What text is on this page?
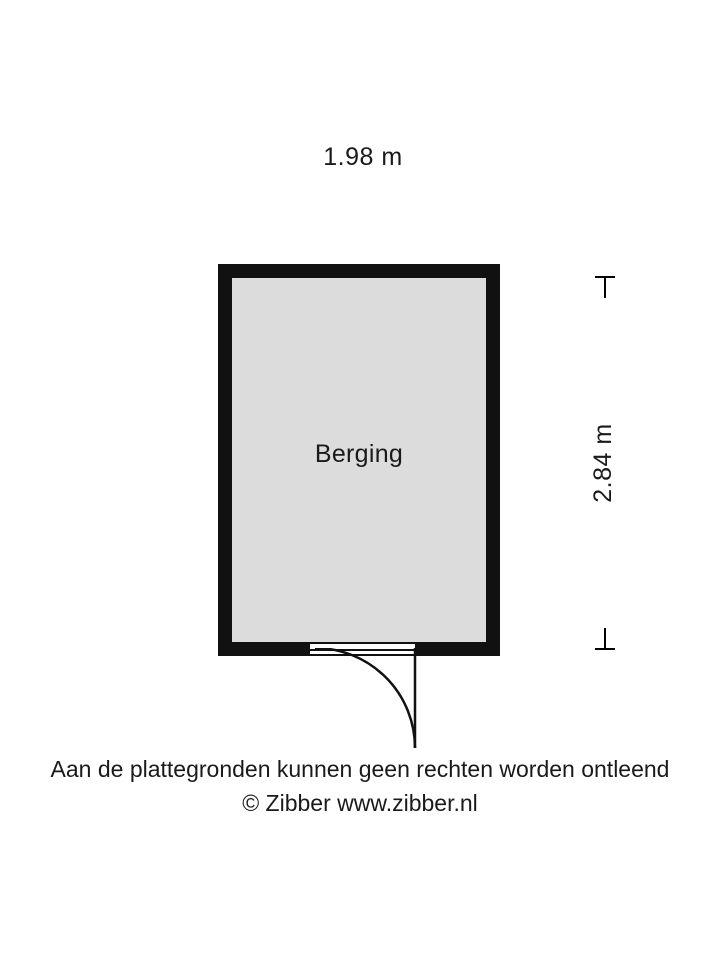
1.98 m
2.84 m
Berging
Aan de plattegronden kunnen geen rechten worden ontleend
© Zibber www.zibber.nl
